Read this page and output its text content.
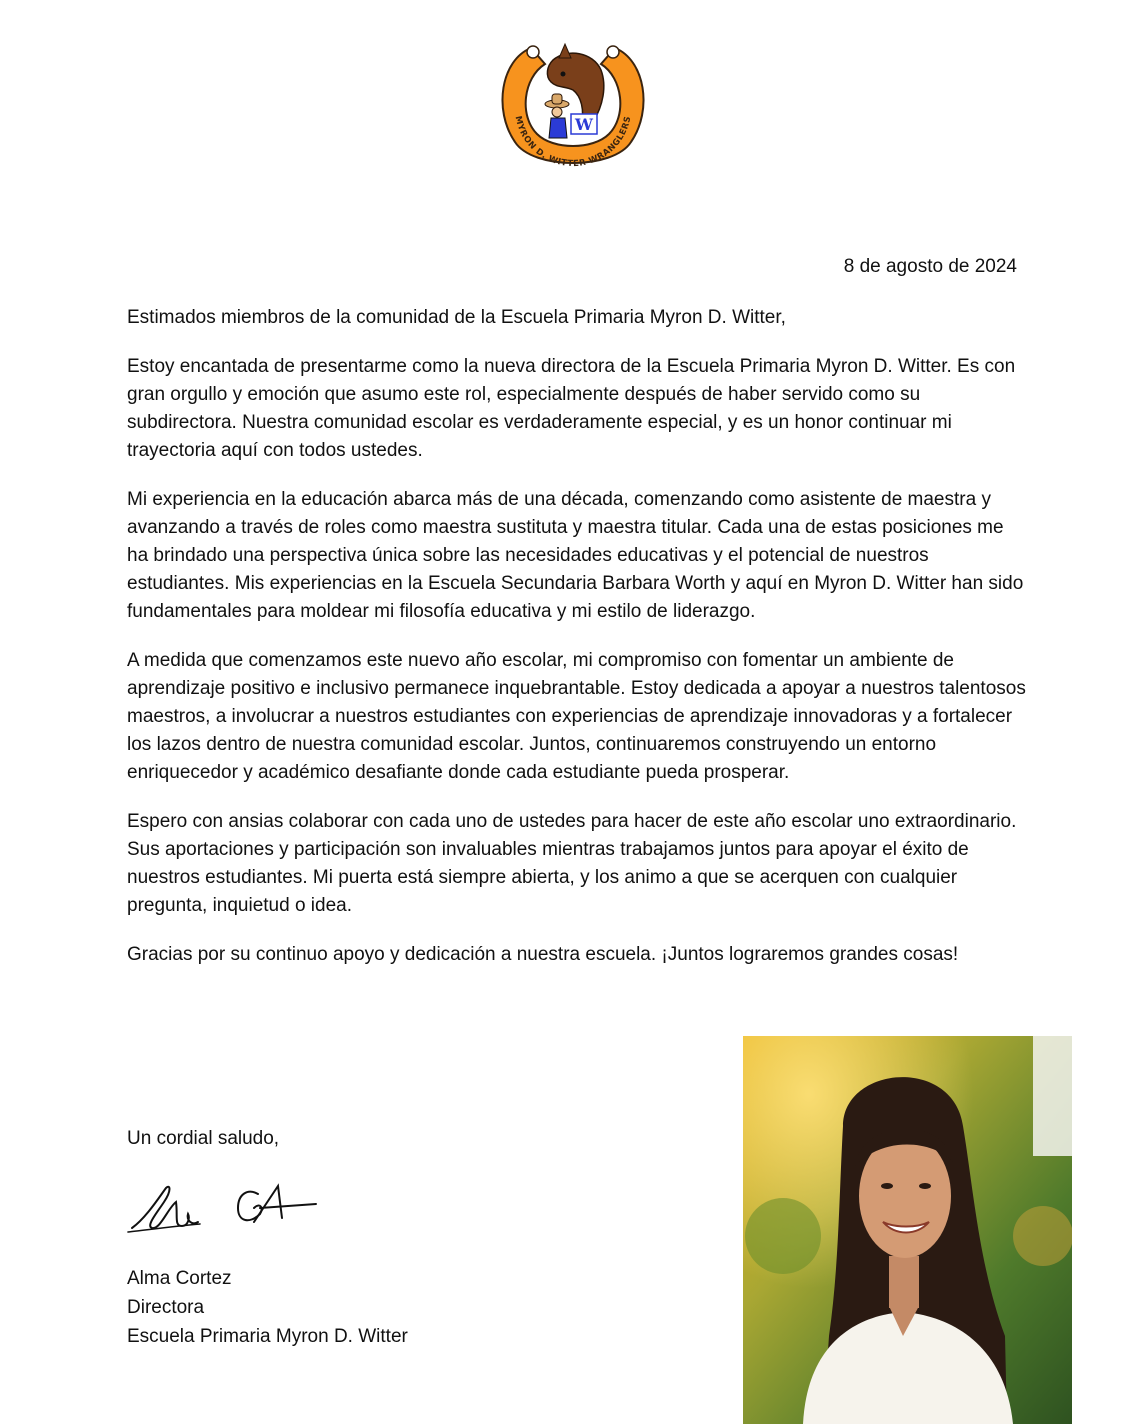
W
MYRON D. WITTER WRANGLERS
8 de agosto de 2024

Estimados miembros de la comunidad de la Escuela Primaria Myron D. Witter,

Estoy encantada de presentarme como la nueva directora de la Escuela Primaria Myron D. Witter. Es con gran orgullo y emoción que asumo este rol, especialmente después de haber servido como su subdirectora. Nuestra comunidad escolar es verdaderamente especial, y es un honor continuar mi trayectoria aquí con todos ustedes.

Mi experiencia en la educación abarca más de una década, comenzando como asistente de maestra y avanzando a través de roles como maestra sustituta y maestra titular. Cada una de estas posiciones me ha brindado una perspectiva única sobre las necesidades educativas y el potencial de nuestros estudiantes. Mis experiencias en la Escuela Secundaria Barbara Worth y aquí en Myron D. Witter han sido fundamentales para moldear mi filosofía educativa y mi estilo de liderazgo.

A medida que comenzamos este nuevo año escolar, mi compromiso con fomentar un ambiente de aprendizaje positivo e inclusivo permanece inquebrantable. Estoy dedicada a apoyar a nuestros talentosos maestros, a involucrar a nuestros estudiantes con experiencias de aprendizaje innovadoras y a fortalecer los lazos dentro de nuestra comunidad escolar. Juntos, continuaremos construyendo un entorno enriquecedor y académico desafiante donde cada estudiante pueda prosperar.

Espero con ansias colaborar con cada uno de ustedes para hacer de este año escolar uno extraordinario. Sus aportaciones y participación son invaluables mientras trabajamos juntos para apoyar el éxito de nuestros estudiantes. Mi puerta está siempre abierta, y los animo a que se acerquen con cualquier pregunta, inquietud o idea.

Gracias por su continuo apoyo y dedicación a nuestra escuela. ¡Juntos lograremos grandes cosas!

Un cordial saludo,
Alma Cortez
Directora
Escuela Primaria Myron D. Witter
